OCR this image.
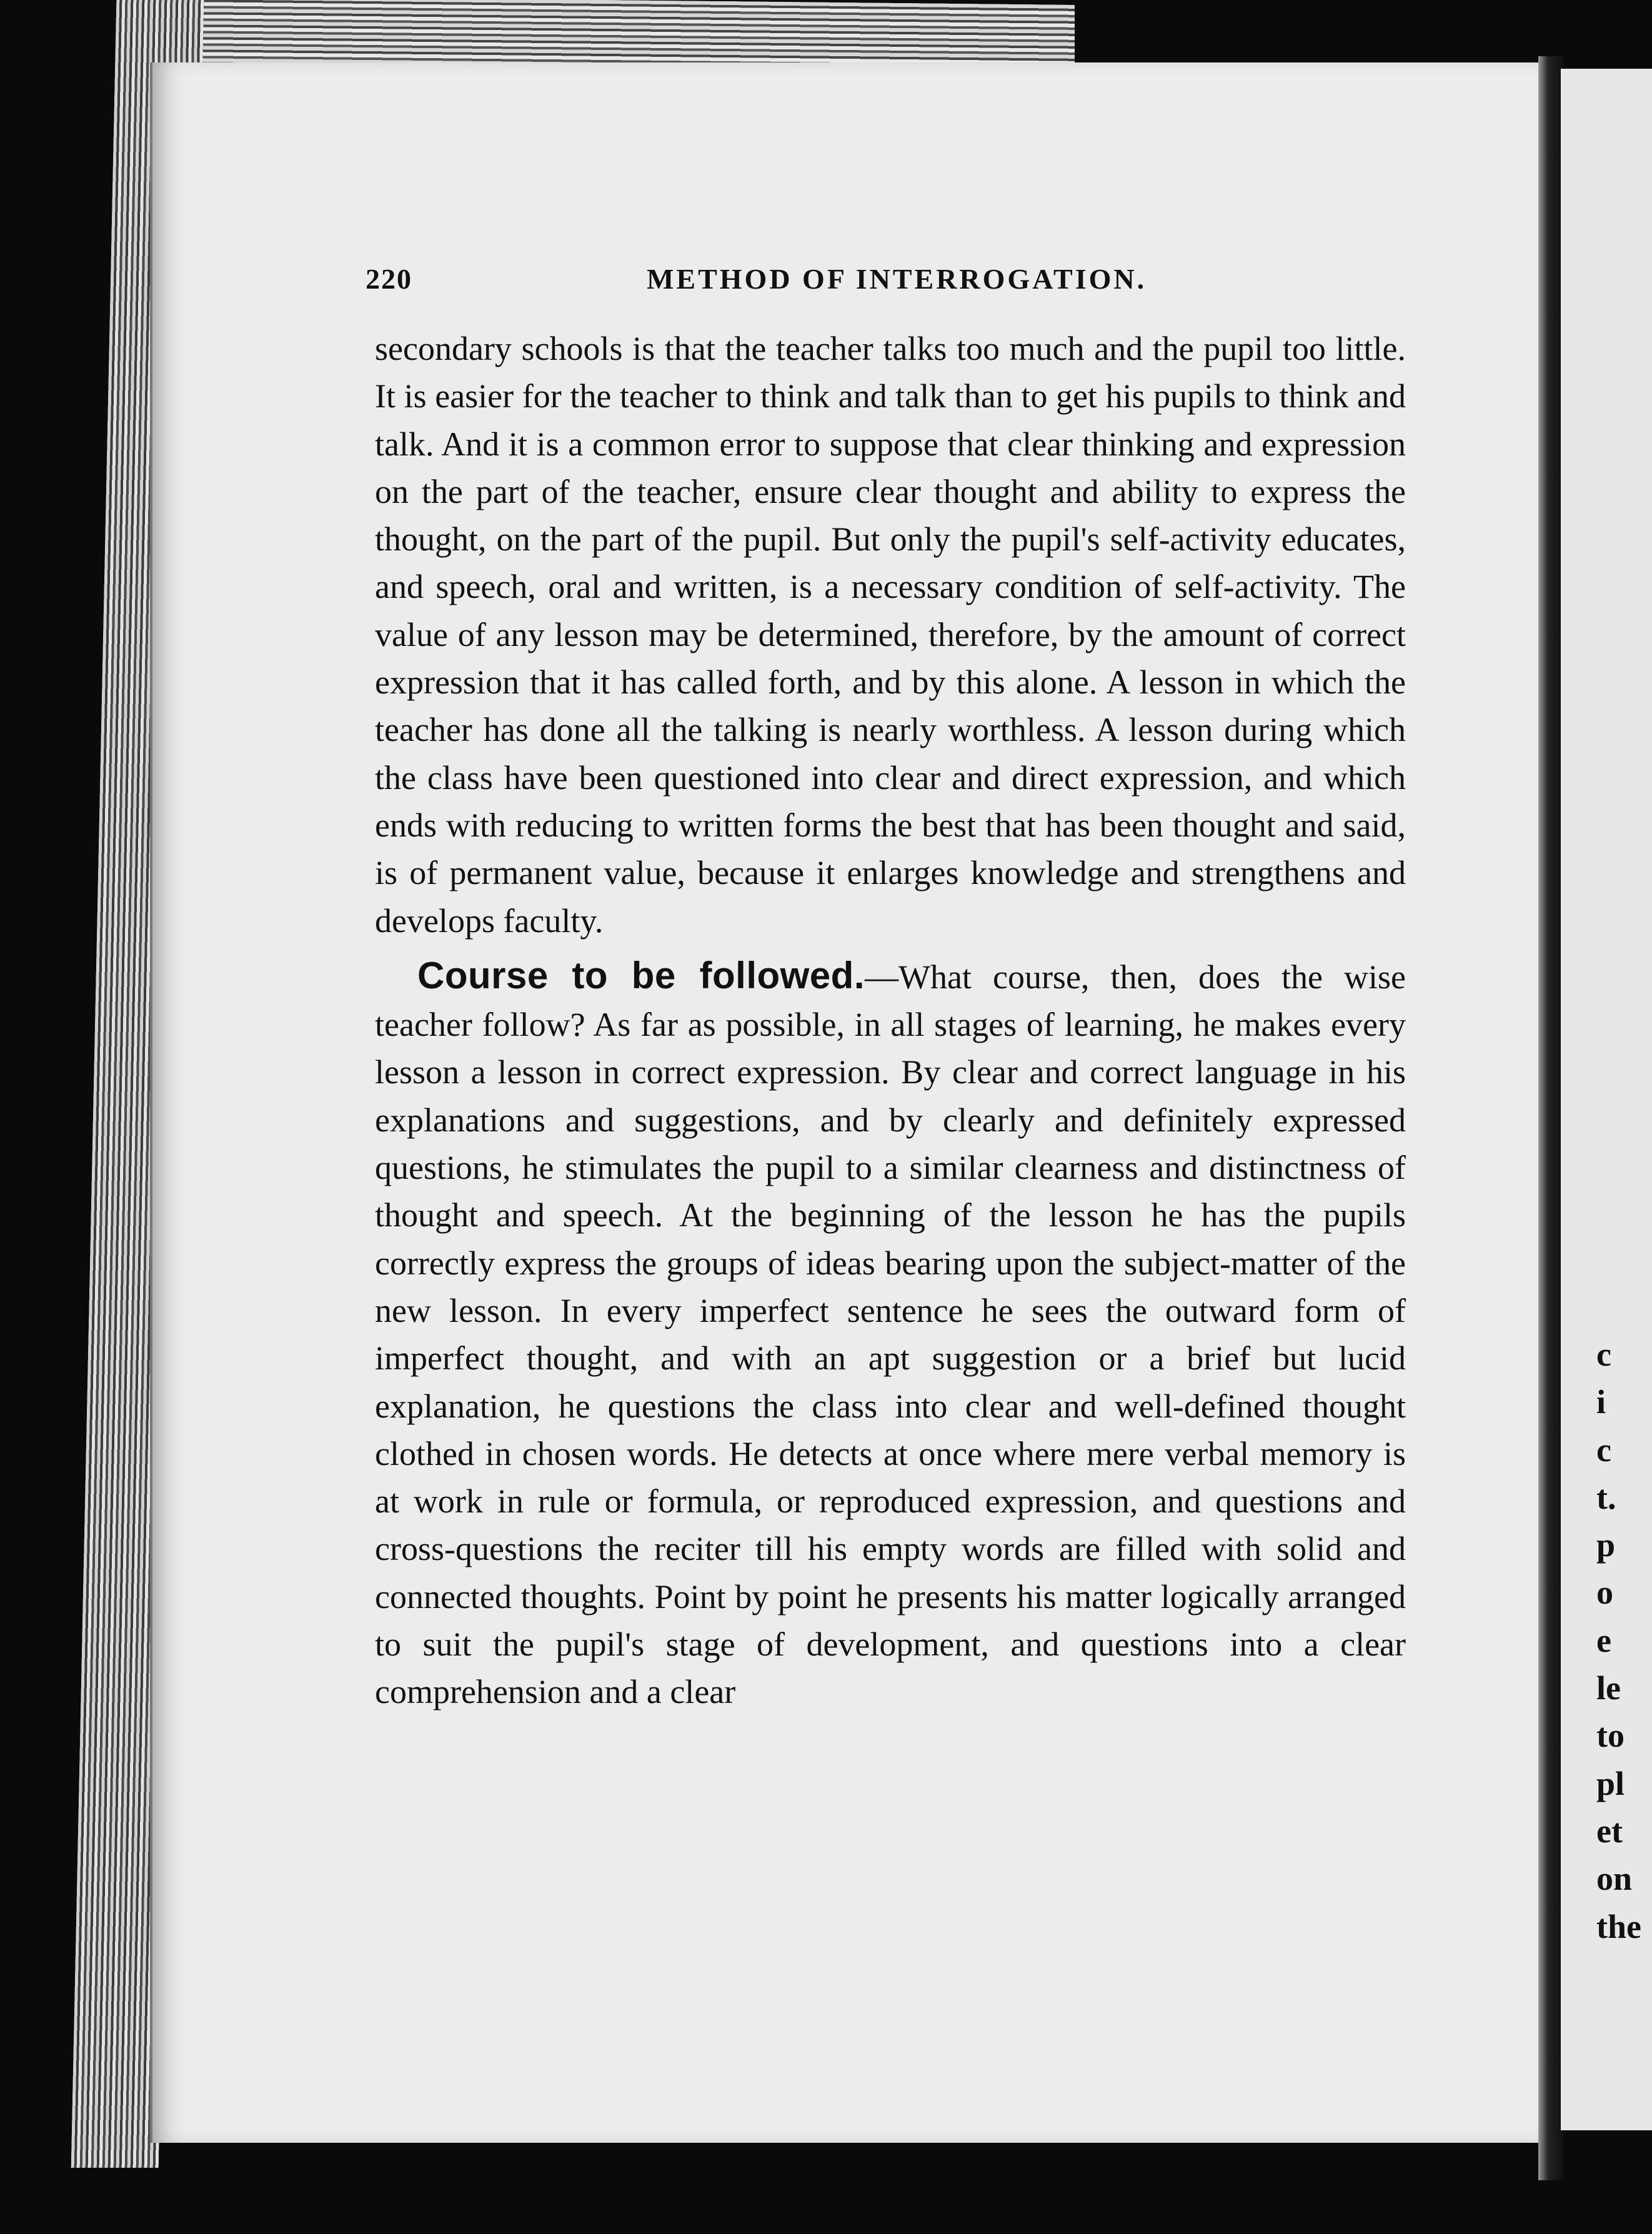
220	METHOD OF INTERROGATION.

secondary schools is that the teacher talks too much and the pupil too little. It is easier for the teacher to think and talk than to get his pupils to think and talk. And it is a common error to suppose that clear thinking and expression on the part of the teacher, ensure clear thought and ability to express the thought, on the part of the pupil. But only the pupil's self-activity educates, and speech, oral and written, is a necessary condition of self-activity. The value of any lesson may be determined, therefore, by the amount of correct expression that it has called forth, and by this alone. A lesson in which the teacher has done all the talking is nearly worthless. A lesson during which the class have been questioned into clear and direct expression, and which ends with reducing to written forms the best that has been thought and said, is of permanent value, because it enlarges knowledge and strengthens and develops faculty.

Course to be followed.—What course, then, does the wise teacher follow? As far as possible, in all stages of learning, he makes every lesson a lesson in correct expression. By clear and correct language in his explanations and suggestions, and by clearly and definitely expressed questions, he stimulates the pupil to a similar clearness and distinctness of thought and speech. At the beginning of the lesson he has the pupils correctly express the groups of ideas bearing upon the subject-matter of the new lesson. In every imperfect sentence he sees the outward form of imperfect thought, and with an apt suggestion or a brief but lucid explanation, he questions the class into clear and well-defined thought clothed in chosen words. He detects at once where mere verbal memory is at work in rule or formula, or reproduced expression, and questions and cross-questions the reciter till his empty words are filled with solid and connected thoughts. Point by point he presents his matter logically arranged to suit the pupil's stage of development, and questions into a clear comprehension and a clear

c
i
c
t.
p
o
e
le
to
pl
et
on
the
